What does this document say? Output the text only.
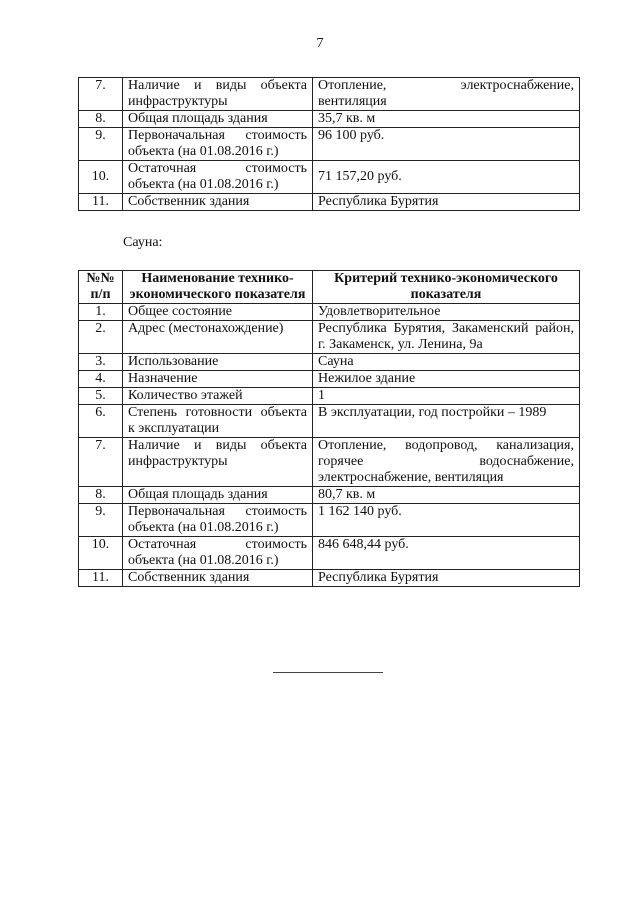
7
7.	Наличие и виды объекта инфраструктуры	Отопление, электроснабжение, вентиляция
8.	Общая площадь здания	35,7 кв. м
9.	Первоначальная стоимость объекта (на 01.08.2016 г.)	96 100 руб.
10.	Остаточная стоимость объекта (на 01.08.2016 г.)	71 157,20 руб.
11.	Собственник здания	Республика Бурятия
Сауна:
№№ п/п	Наименование технико-экономического показателя	Критерий технико-экономического показателя
1.	Общее состояние	Удовлетворительное
2.	Адрес (местонахождение)	Республика Бурятия, Закаменский район, г. Закаменск, ул. Ленина, 9а
3.	Использование	Сауна
4.	Назначение	Нежилое здание
5.	Количество этажей	1
6.	Степень готовности объекта к эксплуатации	В эксплуатации, год постройки – 1989
7.	Наличие и виды объекта инфраструктуры	Отопление, водопровод, канализация, горячее водоснабжение, электроснабжение, вентиляция
8.	Общая площадь здания	80,7 кв. м
9.	Первоначальная стоимость объекта (на 01.08.2016 г.)	1 162 140 руб.
10.	Остаточная стоимость объекта (на 01.08.2016 г.)	846 648,44 руб.
11.	Собственник здания	Республика Бурятия
